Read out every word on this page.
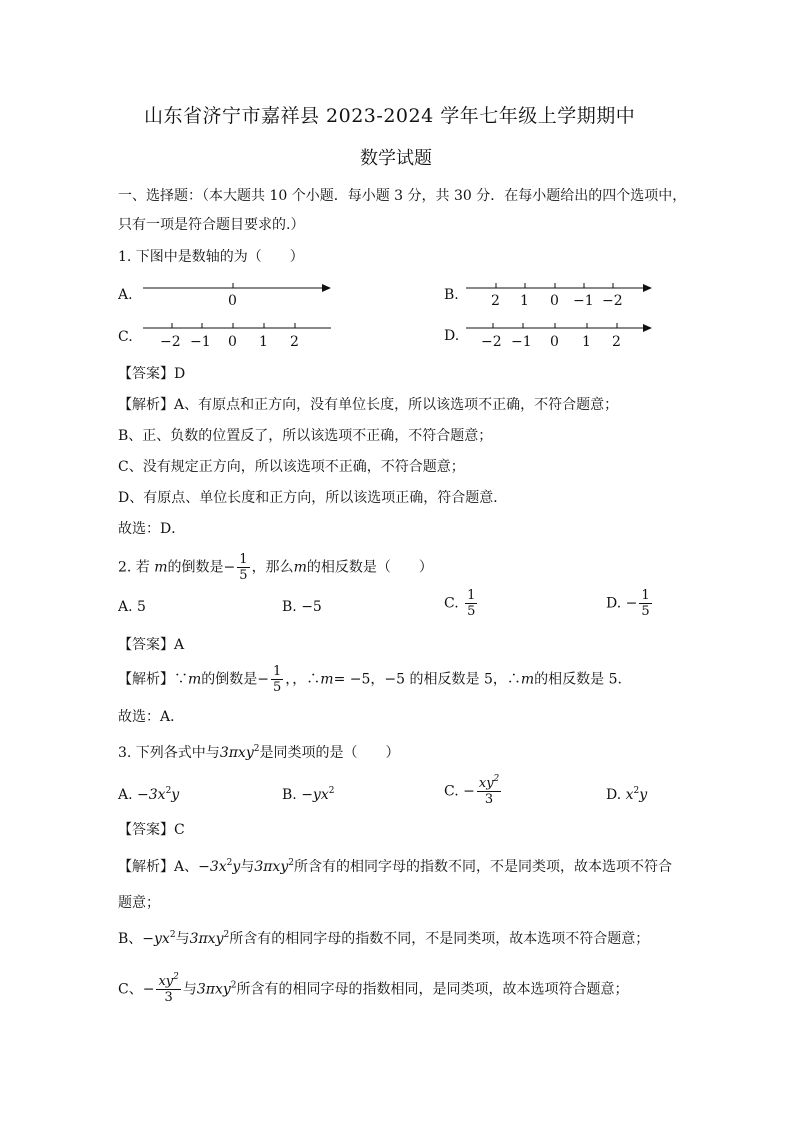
山东省济宁市嘉祥县 2023-2024 学年七年级上学期期中
数学试题
一、选择题：（本大题共 10 个小题．每小题 3 分，共 30 分．在每小题给出的四个选项中，
只有一项是符合题目要求的.）
1. 下图中是数轴的为（　　）
A.	0	B. 2 1 0 −1 −2
C. −2 −1 0 1 2	D. −2 −1 0 1 2
【答案】D
【解析】A、有原点和正方向，没有单位长度，所以该选项不正确，不符合题意；
B、正、负数的位置反了，所以该选项不正确，不符合题意；
C、没有规定正方向，所以该选项不正确，不符合题意；
D、有原点、单位长度和正方向，所以该选项正确，符合题意．
故选：D．
2. 若 m的倒数是− $\frac{1}{5}$ ，那么m的相反数是（　　）
A. 5	B. −5	C. $\frac{1}{5}$	D. − $\frac{1}{5}$
【答案】A
【解析】∵m的倒数是− $\frac{1}{5}$ ，，∴m= −5，−5 的相反数是 5，∴m的相反数是 5.
故选：A．
3. 下列各式中与3πxy$^2$是同类项的是（　　）
A. $-3x^2y$	B. $-yx^2$	C. − $\frac{xy^2}{3}$	D. $x^2y$
【答案】C
【解析】A、$-3x^2y$与3πxy$^2$所含有的相同字母的指数不同，不是同类项，故本选项不符合
题意；
B、$-yx^2$与3πxy$^2$所含有的相同字母的指数不同，不是同类项，故本选项不符合题意；
C、− $\frac{xy^2}{3}$ 与3πxy$^2$所含有的相同字母的指数相同，是同类项，故本选项符合题意；
